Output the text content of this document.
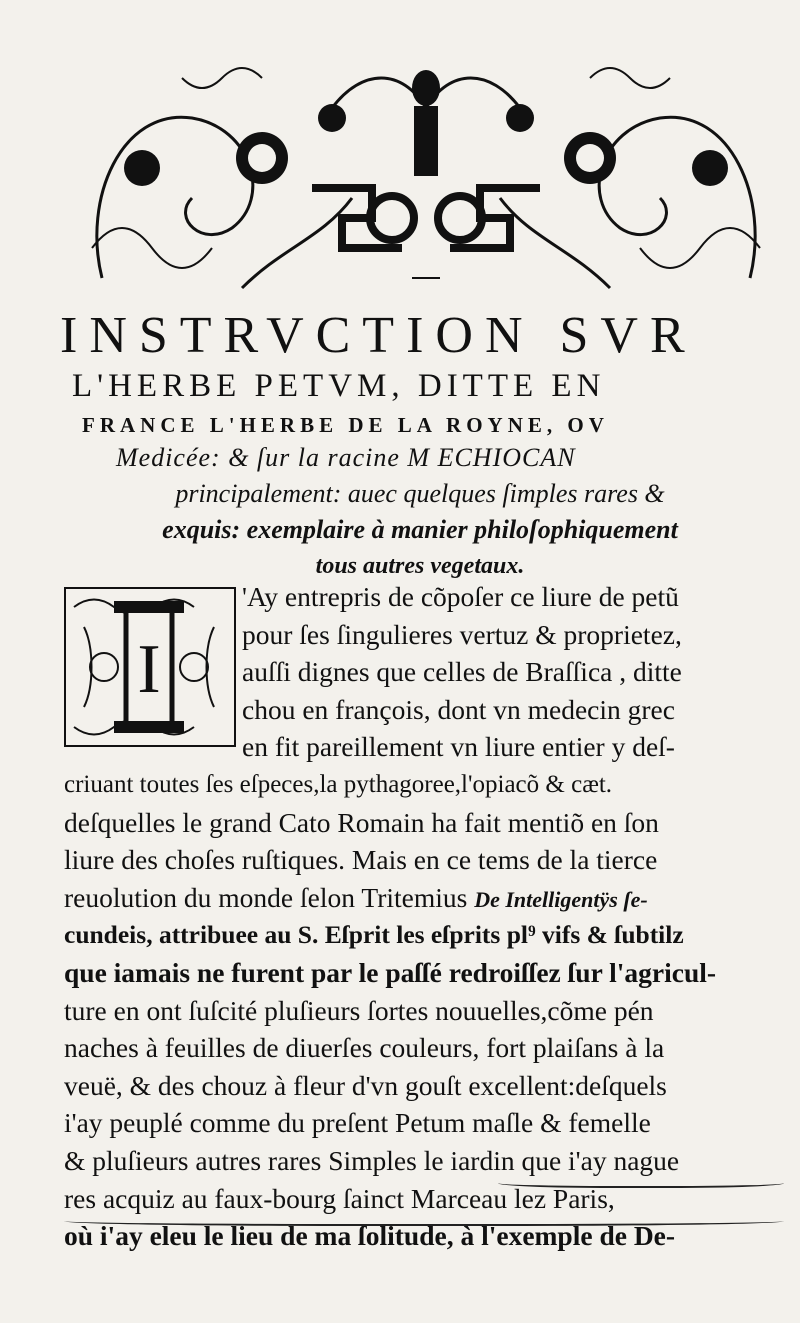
INSTRVCTION SVR

L'HERBE PETVM, DITTE EN

FRANCE L'HERBE DE LA ROYNE, OV

Medicée: & ſur la racine M ECHIOCAN

principalement: auec quelques ſimples rares &

exquis: exemplaire à manier philoſophiquement

tous autres vegetaux.

I
'Ay entrepris de cõpoſer ce liure de petũ
pour ſes ſingulieres vertuz & proprietez,
auſſi dignes que celles de Braſſica , ditte
chou en françois, dont vn medecin grec
en fit pareillement vn liure entier y deſ-
criuant toutes ſes eſpeces,la pythagoree,l'opiacõ & cæt.
deſquelles le grand Cato Romain ha fait mentiõ en ſon
liure des choſes ruſtiques. Mais en ce tems de la tierce
reuolution du monde ſelon Tritemius De Intelligentÿs ſe-
cundeis, attribuee au S. Eſprit les eſprits pl⁹ vifs & ſubtilz
que iamais ne furent par le paſſé redroiſſez ſur l'agricul-
ture en ont ſuſcité pluſieurs ſortes nouuelles,cõme pén
naches à feuilles de diuerſes couleurs, fort plaiſans à la
veuë, & des chouz à fleur d'vn gouſt excellent:deſquels
i'ay peuplé comme du preſent Petum maſle & femelle
& pluſieurs autres rares Simples le iardin que i'ay nague
res acquiz au faux-bourg ſainct Marceau lez Paris,
où i'ay eleu le lieu de ma ſolitude, à l'exemple de De-
